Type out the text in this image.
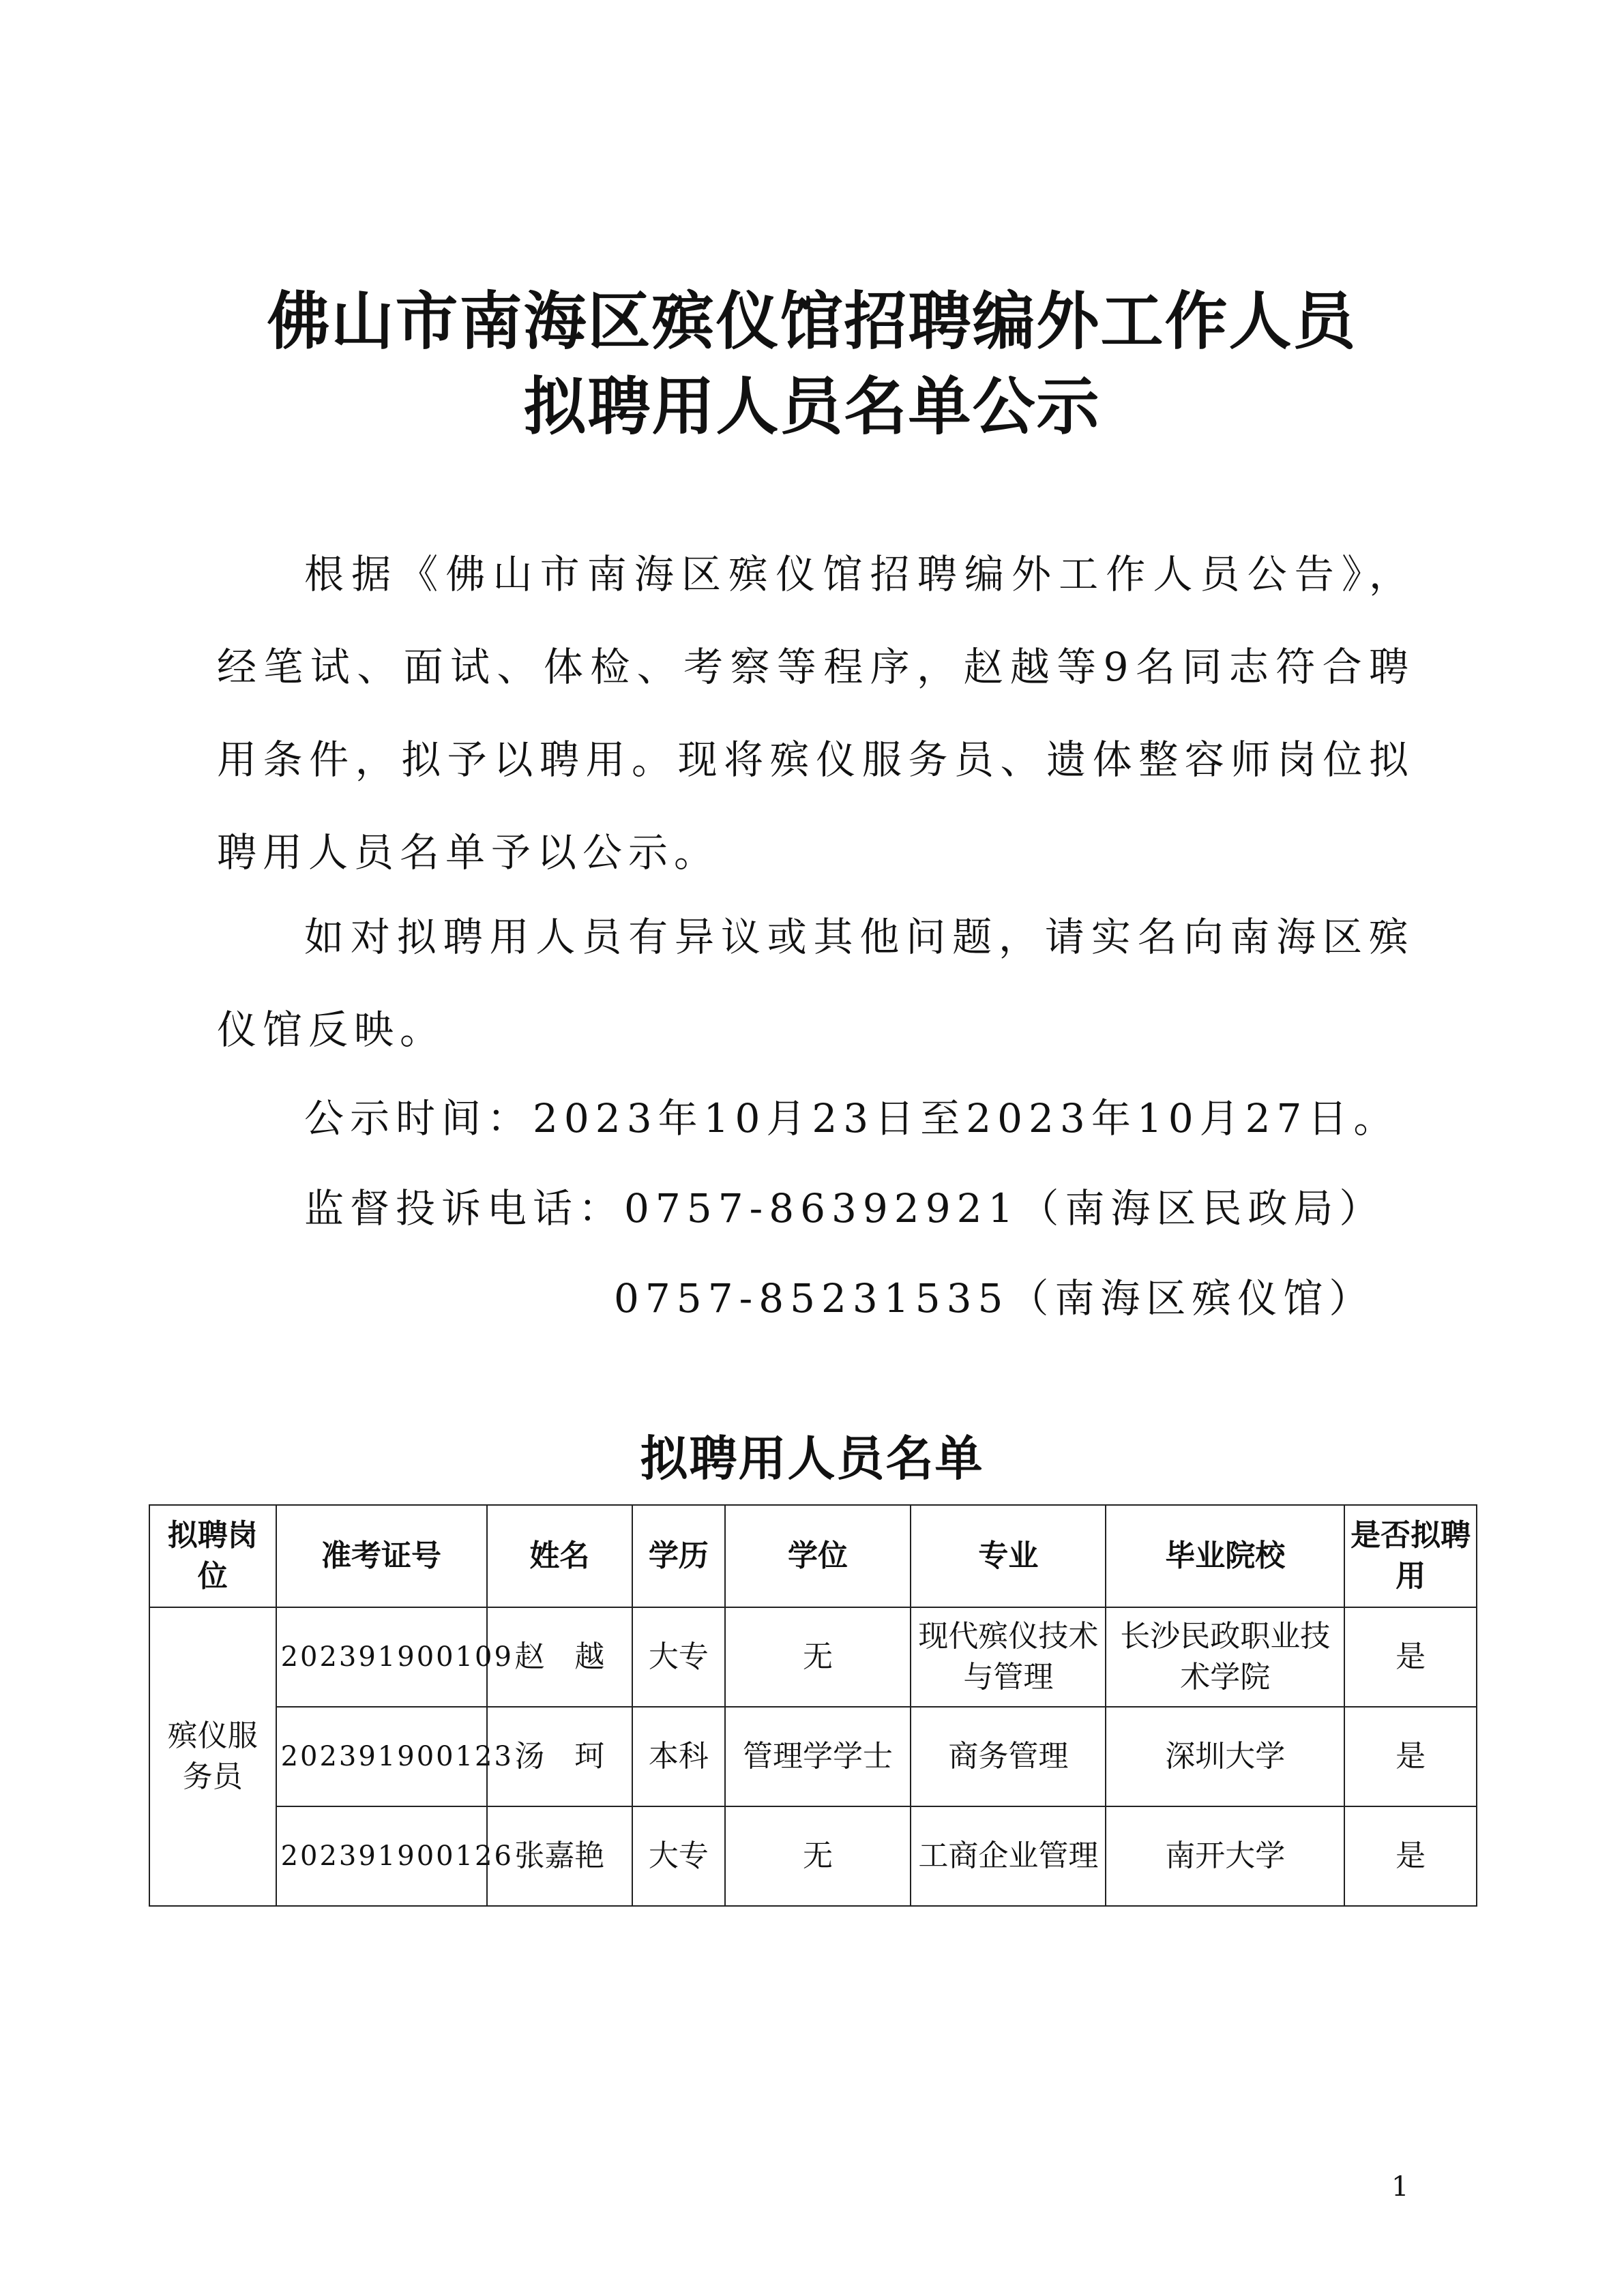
佛山市南海区殡仪馆招聘编外工作人员
拟聘用人员名单公示

根据《佛山市南海区殡仪馆招聘编外工作人员公告》，经笔试、面试、体检、考察等程序，赵越等9名同志符合聘用条件，拟予以聘用。现将殡仪服务员、遗体整容师岗位拟聘用人员名单予以公示。

如对拟聘用人员有异议或其他问题，请实名向南海区殡仪馆反映。

公示时间：2023年10月23日至2023年10月27日。
监督投诉电话：0757-86392921（南海区民政局）
0757-85231535（南海区殡仪馆）
拟聘用人员名单
拟聘岗位	准考证号	姓名	学历	学位	专业	毕业院校	是否拟聘用
殡仪服务员	202391900109	赵　越	大专	无	现代殡仪技术与管理	长沙民政职业技术学院	是
	202391900123	汤　珂	本科	管理学学士	商务管理	深圳大学	是
	202391900126	张嘉艳	大专	无	工商企业管理	南开大学	是
1
